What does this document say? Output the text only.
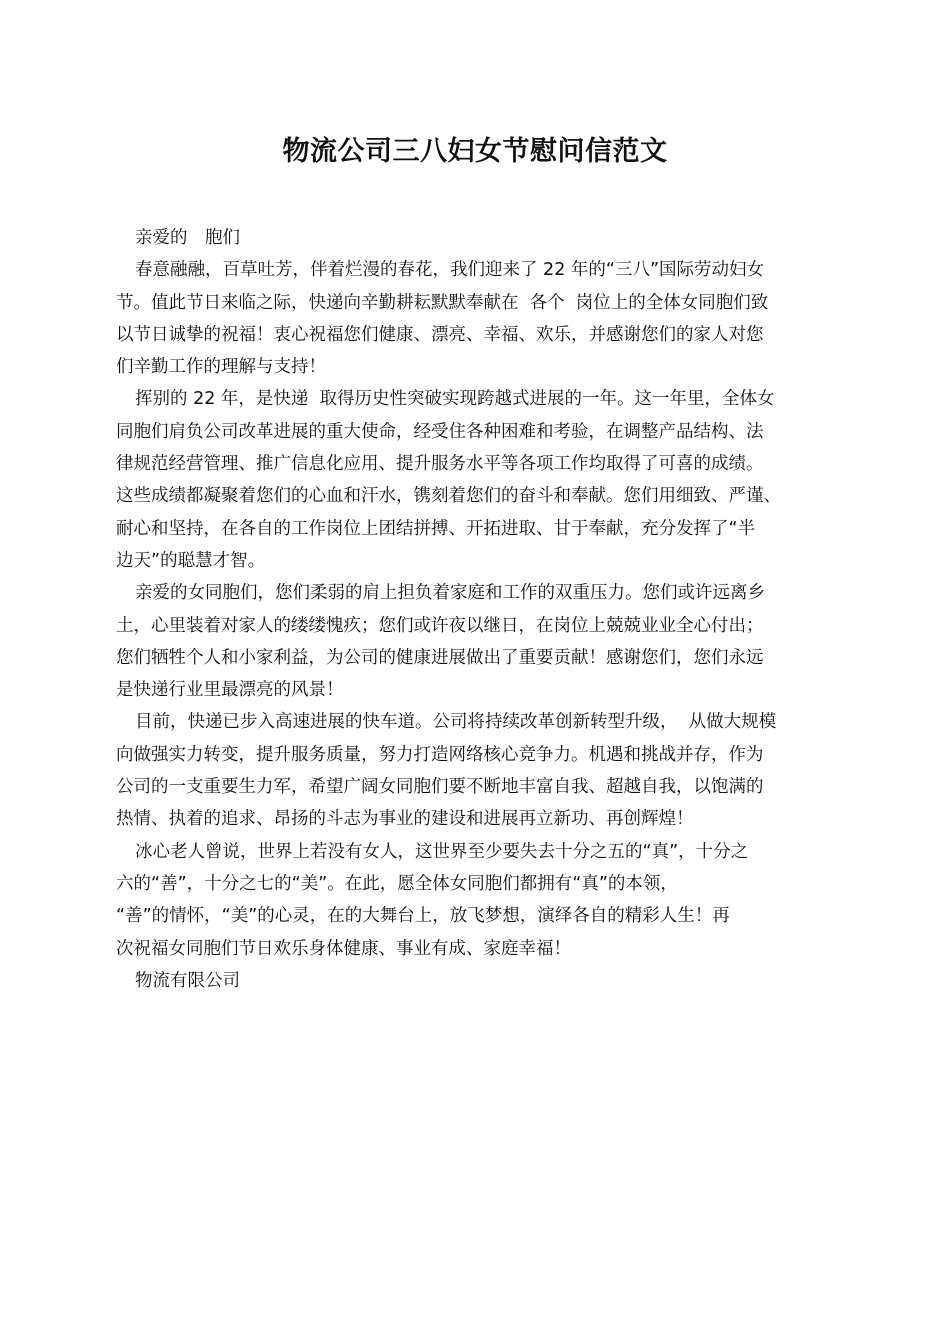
物流公司三八妇女节慰问信范文

亲爱的　胞们

春意融融，百草吐芳，伴着烂漫的春花，我们迎来了 22 年的“三八”国际劳动妇女

节。值此节日来临之际，快递向辛勤耕耘默默奉献在  各个  岗位上的全体女同胞们致

以节日诚挚的祝福！衷心祝福您们健康、漂亮、幸福、欢乐，并感谢您们的家人对您

们辛勤工作的理解与支持！

挥别的 22 年，是快递  取得历史性突破实现跨越式进展的一年。这一年里，全体女

同胞们肩负公司改革进展的重大使命，经受住各种困难和考验，在调整产品结构、法

律规范经营管理、推广信息化应用、提升服务水平等各项工作均取得了可喜的成绩。

这些成绩都凝聚着您们的心血和汗水，镌刻着您们的奋斗和奉献。您们用细致、严谨、

耐心和坚持，在各自的工作岗位上团结拼搏、开拓进取、甘于奉献，充分发挥了“半

边天”的聪慧才智。

亲爱的女同胞们，您们柔弱的肩上担负着家庭和工作的双重压力。您们或许远离乡

土，心里装着对家人的缕缕愧疚；您们或许夜以继日，在岗位上兢兢业业全心付出；

您们牺牲个人和小家利益，为公司的健康进展做出了重要贡献！感谢您们，您们永远

是快递行业里最漂亮的风景！

目前，快递已步入高速进展的快车道。公司将持续改革创新转型升级，  从做大规模

向做强实力转变，提升服务质量，努力打造网络核心竞争力。机遇和挑战并存，作为

公司的一支重要生力军，希望广阔女同胞们要不断地丰富自我、超越自我，以饱满的

热情、执着的追求、昂扬的斗志为事业的建设和进展再立新功、再创辉煌！

冰心老人曾说，世界上若没有女人，这世界至少要失去十分之五的“真”，十分之

六的“善”，十分之七的“美”。在此，愿全体女同胞们都拥有“真”的本领，

“善”的情怀，“美”的心灵，在的大舞台上，放飞梦想，演绎各自的精彩人生！再

次祝福女同胞们节日欢乐身体健康、事业有成、家庭幸福！

物流有限公司
